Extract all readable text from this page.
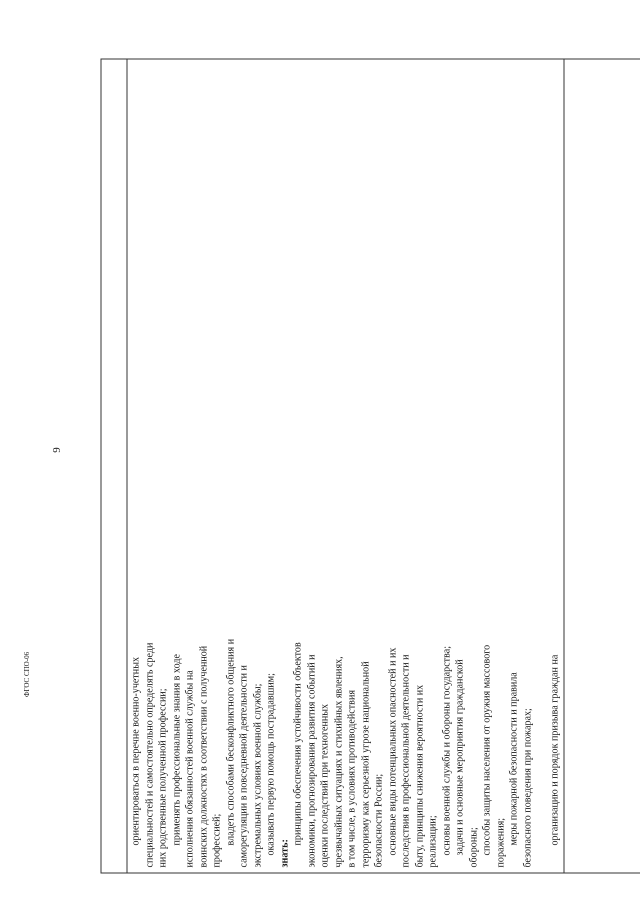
9
ФГОС СПО-06	ориентироваться в перечне военно-учетных специальностей и самостоятельно определять среди них родственные полученной профессии; применять профессиональные знания в ходе исполнения обязанностей военной службы на воинских должностях в соответствии с полученной профессией; владеть способами бесконфликтного общения и саморегуляции в повседневной деятельности и экстремальных условиях военной службы; оказывать первую помощь пострадавшим; знать:

принципы обеспечения устойчивости объектов экономики, прогнозирования развития событий и оценки последствий при техногенных чрезвычайных ситуациях и стихийных явлениях, в том числе, в условиях противодействия терроризму как серьезной угрозе национальной безопасности России; основные виды потенциальных опасностей и их последствия в профессиональной деятельности и быту, принципы снижения вероятности их реализации; основы военной службы и обороны государства; задачи и основные мероприятия гражданской обороны; способы защиты населения от оружия массового поражения; меры пожарной безопасности и правила безопасного поведения при пожарах;

организацию и порядок призыва граждан на
